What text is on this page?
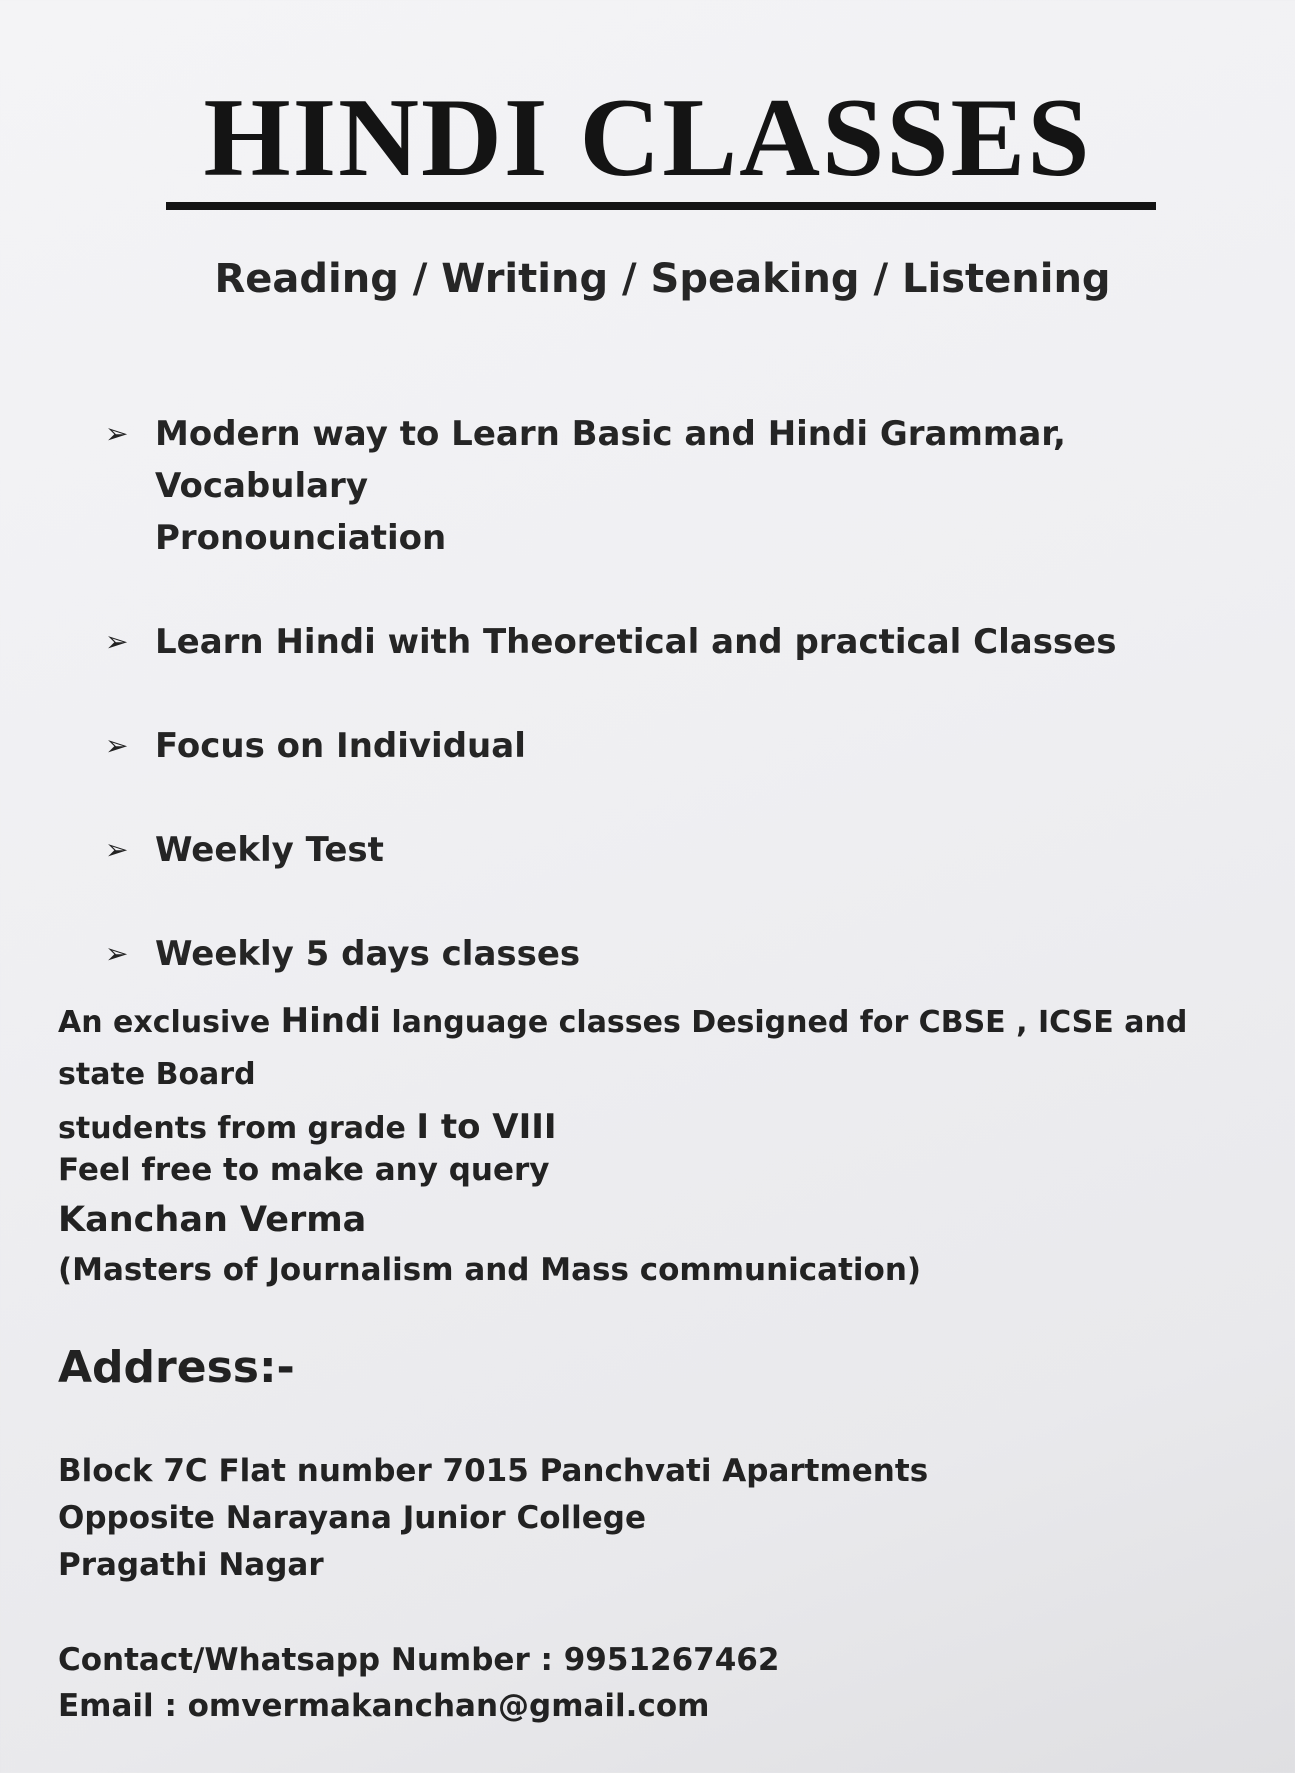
HINDI CLASSES
Reading / Writing / Speaking / Listening
➢ Modern way to Learn Basic and Hindi Grammar, Vocabulary
Pronounciation
➢ Learn Hindi with Theoretical and practical Classes
➢ Focus on Individual
➢ Weekly Test
➢ Weekly 5 days classes
An exclusive Hindi language classes Designed for CBSE , ICSE and state Board
students from grade I to VIII
Feel free to make any query
Kanchan Verma
(Masters of Journalism and Mass communication)
Address:-
Block 7C Flat number 7015 Panchvati Apartments
Opposite Narayana Junior College
Pragathi Nagar
Contact/Whatsapp Number : 9951267462
Email : omvermakanchan@gmail.com
